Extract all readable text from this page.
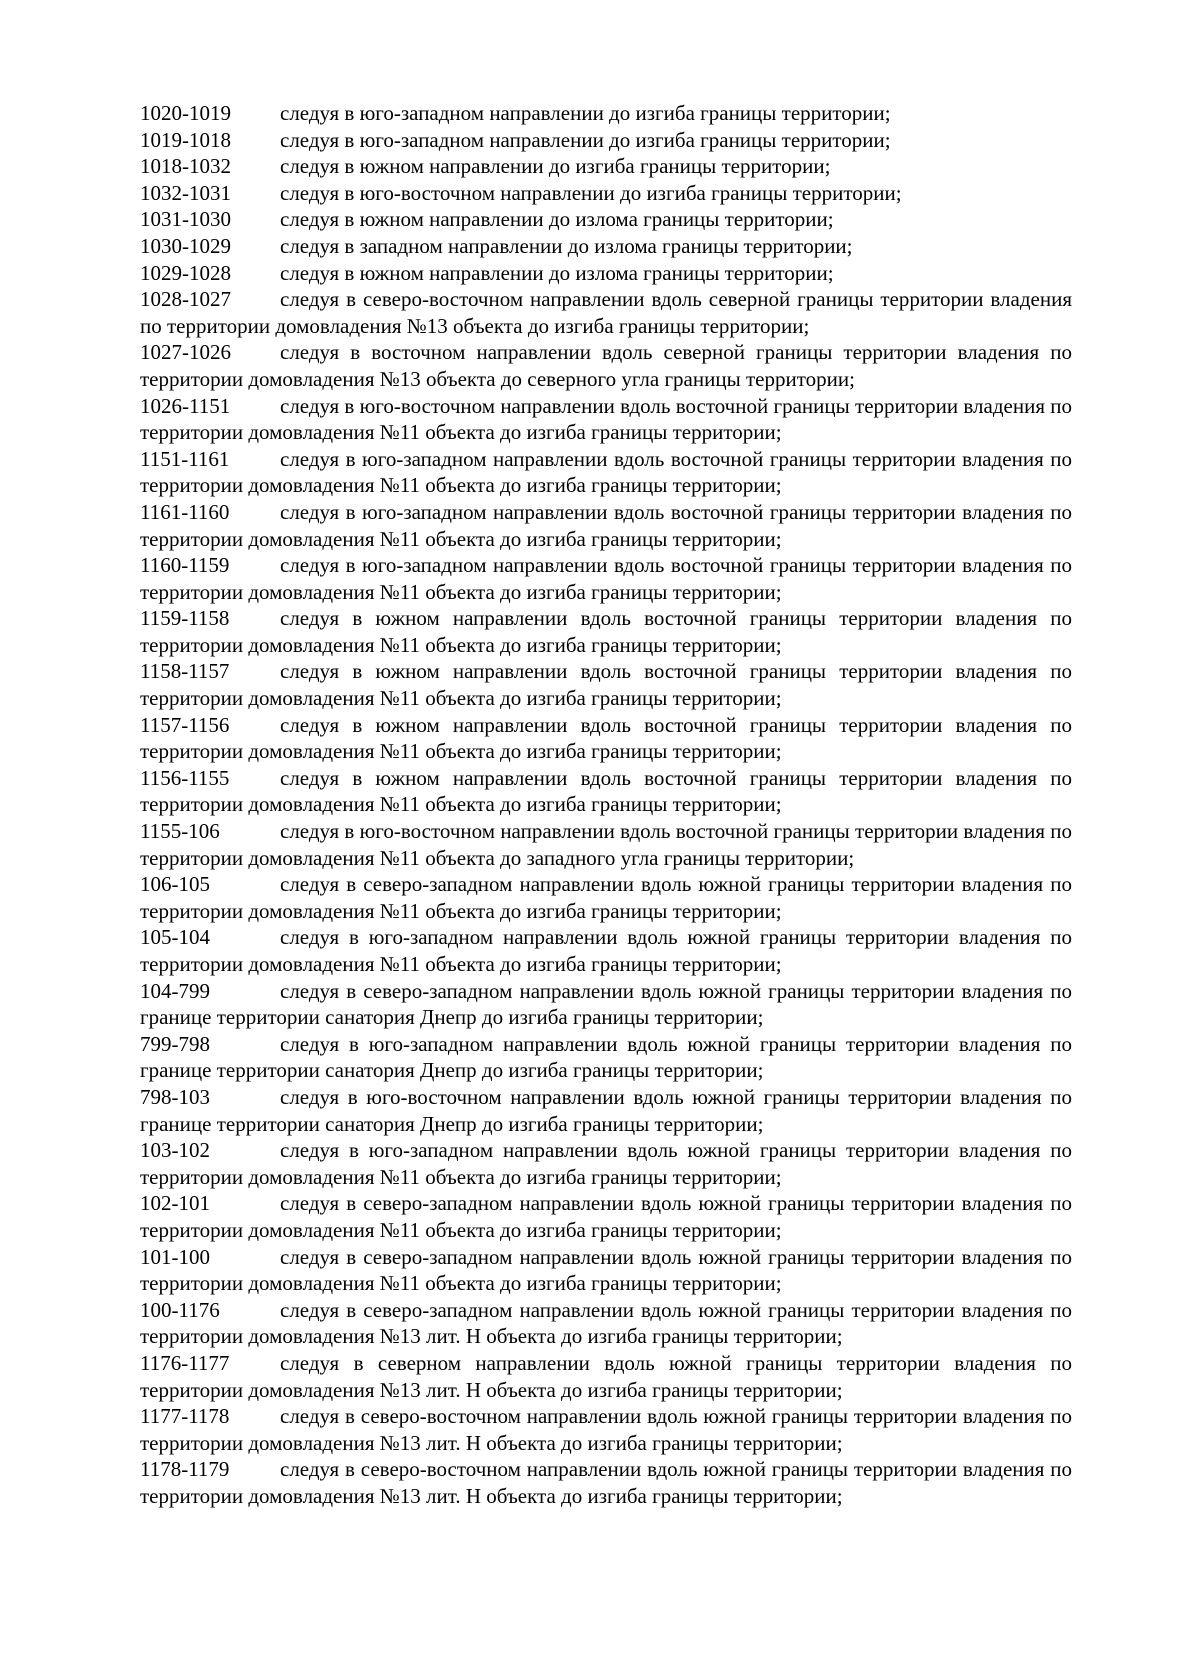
1020-1019 следуя в юго-западном направлении до изгиба границы территории;

1019-1018 следуя в юго-западном направлении до изгиба границы территории;

1018-1032 следуя в южном направлении до изгиба границы территории;

1032-1031 следуя в юго-восточном направлении до изгиба границы территории;

1031-1030 следуя в южном направлении до излома границы территории;

1030-1029 следуя в западном направлении до излома границы территории;

1029-1028 следуя в южном направлении до излома границы территории;

1028-1027 следуя в северо-восточном направлении вдоль северной границы территории владения по территории домовладения №13 объекта до изгиба границы территории;

1027-1026 следуя в восточном направлении вдоль северной границы территории владения по территории домовладения №13 объекта до северного угла границы территории;

1026-1151 следуя в юго-восточном направлении вдоль восточной границы территории владения по территории домовладения №11 объекта до изгиба границы территории;

1151-1161 следуя в юго-западном направлении вдоль восточной границы территории владения по территории домовладения №11 объекта до изгиба границы территории;

1161-1160 следуя в юго-западном направлении вдоль восточной границы территории владения по территории домовладения №11 объекта до изгиба границы территории;

1160-1159 следуя в юго-западном направлении вдоль восточной границы территории владения по территории домовладения №11 объекта до изгиба границы территории;

1159-1158 следуя в южном направлении вдоль восточной границы территории владения по территории домовладения №11 объекта до изгиба границы территории;

1158-1157 следуя в южном направлении вдоль восточной границы территории владения по территории домовладения №11 объекта до изгиба границы территории;

1157-1156 следуя в южном направлении вдоль восточной границы территории владения по территории домовладения №11 объекта до изгиба границы территории;

1156-1155 следуя в южном направлении вдоль восточной границы территории владения по территории домовладения №11 объекта до изгиба границы территории;

1155-106	следуя в юго-восточном направлении вдоль восточной границы территории владения по территории домовладения №11 объекта до западного угла границы территории;

106-105	следуя в северо-западном направлении вдоль южной границы территории владения по территории домовладения №11 объекта до изгиба границы территории;

105-104	следуя в юго-западном направлении вдоль южной границы территории владения по территории домовладения №11 объекта до изгиба границы территории;

104-799	следуя в северо-западном направлении вдоль южной границы территории владения по границе территории санатория Днепр до изгиба границы территории;

799-798	следуя в юго-западном направлении вдоль южной границы территории владения по границе территории санатория Днепр до изгиба границы территории;

798-103	следуя в юго-восточном направлении вдоль южной границы территории владения по границе территории санатория Днепр до изгиба границы территории;

103-102	следуя в юго-западном направлении вдоль южной границы территории владения по территории домовладения №11 объекта до изгиба границы территории;

102-101	следуя в северо-западном направлении вдоль южной границы территории владения по территории домовладения №11 объекта до изгиба границы территории;

101-100	следуя в северо-западном направлении вдоль южной границы территории владения по территории домовладения №11 объекта до изгиба границы территории;

100-1176	следуя в северо-западном направлении вдоль южной границы территории владения по территории домовладения №13 лит. Н объекта до изгиба границы территории;

1176-1177 следуя в северном направлении вдоль южной границы территории владения по территории домовладения №13 лит. Н объекта до изгиба границы территории;

1177-1178 следуя в северо-восточном направлении вдоль южной границы территории владения по территории домовладения №13 лит. Н объекта до изгиба границы территории;

1178-1179 следуя в северо-восточном направлении вдоль южной границы территории владения по территории домовладения №13 лит. Н объекта до изгиба границы территории;
